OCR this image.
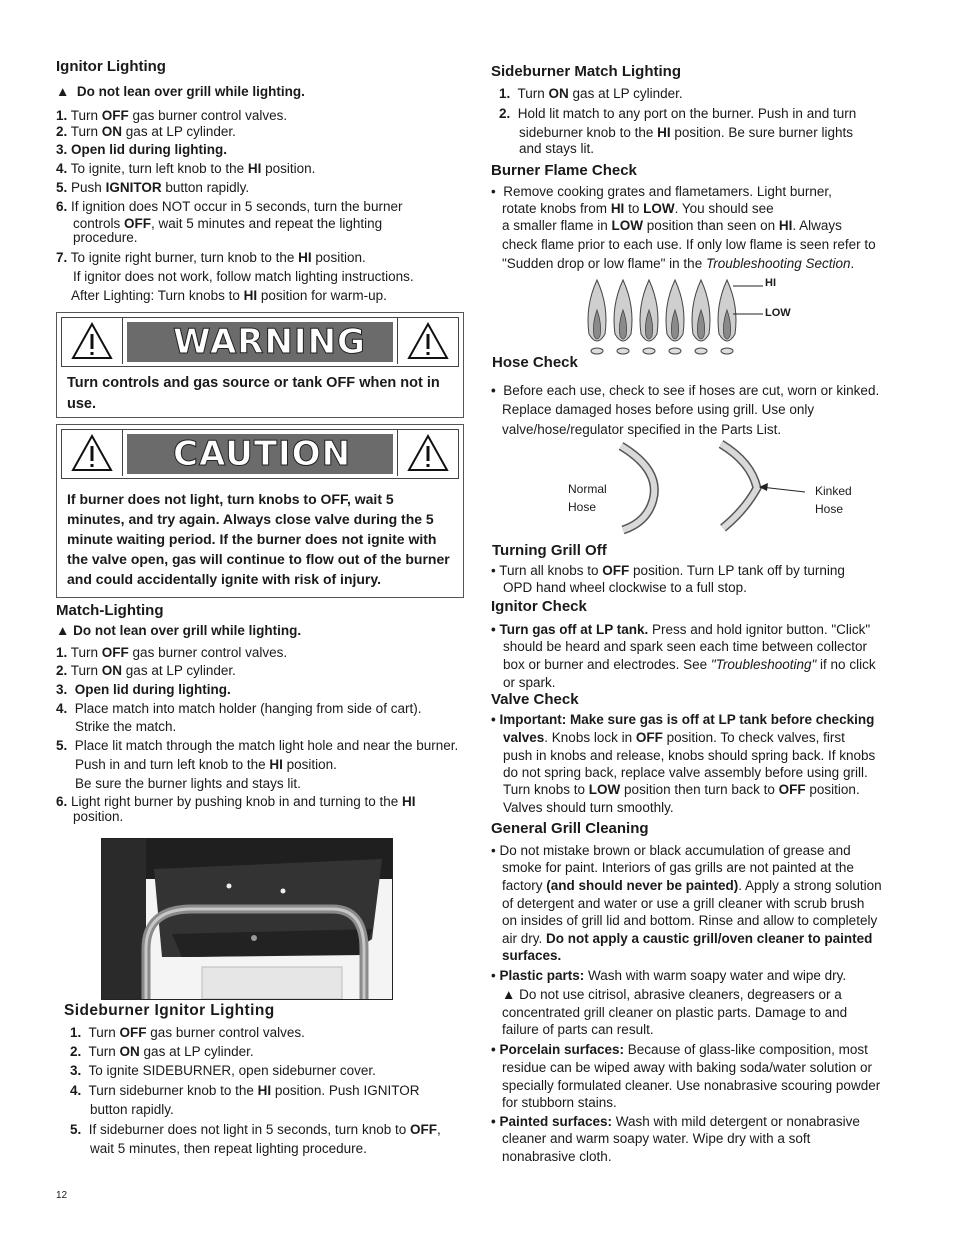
Ignitor Lighting
▲ Do not lean over grill while lighting.
1. Turn OFF gas burner control valves.
2. Turn ON gas at LP cylinder.
3. Open lid during lighting.
4. To ignite, turn left knob to the HI position.
5. Push IGNITOR button rapidly.
6. If ignition does NOT occur in 5 seconds, turn the burner
controls OFF, wait 5 minutes and repeat the lighting
procedure.
7. To ignite right burner, turn knob to the HI position.
If ignitor does not work, follow match lighting instructions.
After Lighting: Turn knobs to HI position for warm-up.
WARNING
Turn controls and gas source or tank OFF when not in use.
CAUTION
If burner does not light, turn knobs to OFF, wait 5 minutes, and try again. Always close valve during the 5 minute waiting period. If the burner does not ignite with the valve open, gas will continue to flow out of the burner and could accidentally ignite with risk of injury.
Match-Lighting
▲ Do not lean over grill while lighting.
1. Turn OFF gas burner control valves.
2. Turn ON gas at LP cylinder.
3. Open lid during lighting.
4. Place match into match holder (hanging from side of cart).
Strike the match.
5. Place lit match through the match light hole and near the burner.
Push in and turn left knob to the HI position.
Be sure the burner lights and stays lit.
6. Light right burner by pushing knob in and turning to the HI
position.
Sideburner Ignitor Lighting
1. Turn OFF gas burner control valves.
2. Turn ON gas at LP cylinder.
3. To ignite SIDEBURNER, open sideburner cover.
4. Turn sideburner knob to the HI position. Push IGNITOR
button rapidly.
5. If sideburner does not light in 5 seconds, turn knob to OFF,
wait 5 minutes, then repeat lighting procedure.
Sideburner Match Lighting
1. Turn ON gas at LP cylinder.
2. Hold lit match to any port on the burner. Push in and turn
sideburner knob to the HI position. Be sure burner lights
and stays lit.
Burner Flame Check
•  Remove cooking grates and flametamers. Light burner,
rotate knobs from HI to LOW. You should see
a smaller flame in LOW position than seen on HI. Always
check flame prior to each use. If only low flame is seen refer to
"Sudden drop or low flame" in the Troubleshooting Section.
HI
LOW
Hose Check
• Before each use, check to see if hoses are cut, worn or kinked.
Replace damaged hoses before using grill. Use only
valve/hose/regulator specified in the Parts List.
Normal
Hose
Kinked
Hose
Turning Grill Off
• Turn all knobs to OFF position. Turn LP tank off by turning
OPD hand wheel clockwise to a full stop.
Ignitor Check
• Turn gas off at LP tank. Press and hold ignitor button. "Click"
should be heard and spark seen each time between collector
box or burner and electrodes. See "Troubleshooting" if no click
or spark.
Valve Check
• Important: Make sure gas is off at LP tank before checking
valves. Knobs lock in OFF position. To check valves, first
push in knobs and release, knobs should spring back. If knobs
do not spring back, replace valve assembly before using grill.
Turn knobs to LOW position then turn back to OFF position.
Valves should turn smoothly.
General Grill Cleaning
• Do not mistake brown or black accumulation of grease and
smoke for paint. Interiors of gas grills are not painted at the
factory (and should never be painted). Apply a strong solution
of detergent and water or use a grill cleaner with scrub brush
on insides of grill lid and bottom. Rinse and allow to completely
air dry. Do not apply a caustic grill/oven cleaner to painted
surfaces.
• Plastic parts: Wash with warm soapy water and wipe dry.
▲ Do not use citrisol, abrasive cleaners, degreasers or a
concentrated grill cleaner on plastic parts. Damage to and
failure of parts can result.
• Porcelain surfaces: Because of glass-like composition, most
residue can be wiped away with baking soda/water solution or
specially formulated cleaner. Use nonabrasive scouring powder
for stubborn stains.
• Painted surfaces: Wash with mild detergent or nonabrasive
cleaner and warm soapy water. Wipe dry with a soft
nonabrasive cloth.
12
